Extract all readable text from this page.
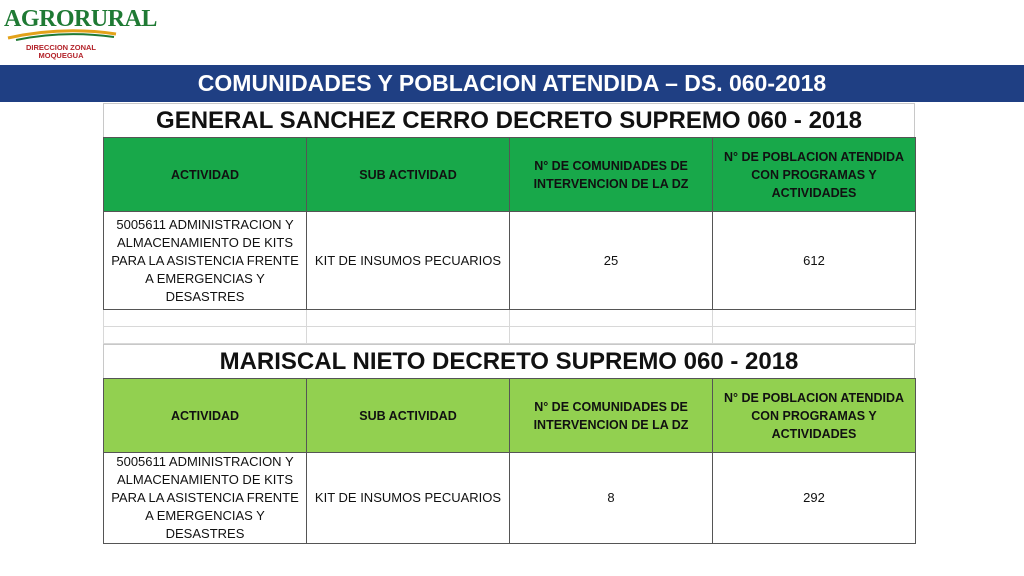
AGRORURAL
DIRECCION ZONAL
MOQUEGUA
COMUNIDADES Y POBLACION ATENDIDA – DS. 060-2018
GENERAL SANCHEZ CERRO DECRETO SUPREMO 060 - 2018
ACTIVIDAD	SUB ACTIVIDAD	N° DE COMUNIDADES DE INTERVENCION DE LA DZ	N° DE POBLACION ATENDIDA CON PROGRAMAS Y ACTIVIDADES
5005611 ADMINISTRACION Y ALMACENAMIENTO DE KITS PARA LA ASISTENCIA FRENTE A EMERGENCIAS Y DESASTRES	KIT DE INSUMOS PECUARIOS	25	612

MARISCAL NIETO DECRETO SUPREMO 060 - 2018
ACTIVIDAD	SUB ACTIVIDAD	N° DE COMUNIDADES DE INTERVENCION DE LA DZ	N° DE POBLACION ATENDIDA CON PROGRAMAS Y ACTIVIDADES
5005611 ADMINISTRACION Y ALMACENAMIENTO DE KITS PARA LA ASISTENCIA FRENTE A EMERGENCIAS Y DESASTRES	KIT DE INSUMOS PECUARIOS	8	292
